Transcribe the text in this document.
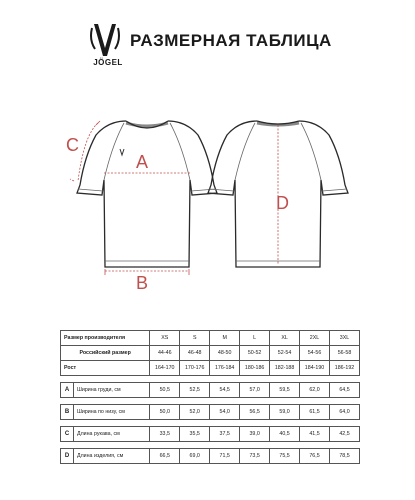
JÖGEL
РАЗМЕРНАЯ ТАБЛИЦА
A
B
C
D
Размер производителя		XS	S	M	L	XL	2XL	3XL
Российский размер		44-46	46-48	48-50	50-52	52-54	54-56	56-58
Рост		164-170	170-176	176-184	180-186	182-188	184-190	186-192

A	Ширина груди, см	50,5	52,5	54,5	57,0	59,5	62,0	64,5

B	Ширина по низу, см	50,0	52,0	54,0	56,5	59,0	61,5	64,0

C	Длина рукава, см	33,5	35,5	37,5	39,0	40,5	41,5	42,5

D	Длина изделия, см	66,5	69,0	71,5	73,5	75,5	76,5	78,5
